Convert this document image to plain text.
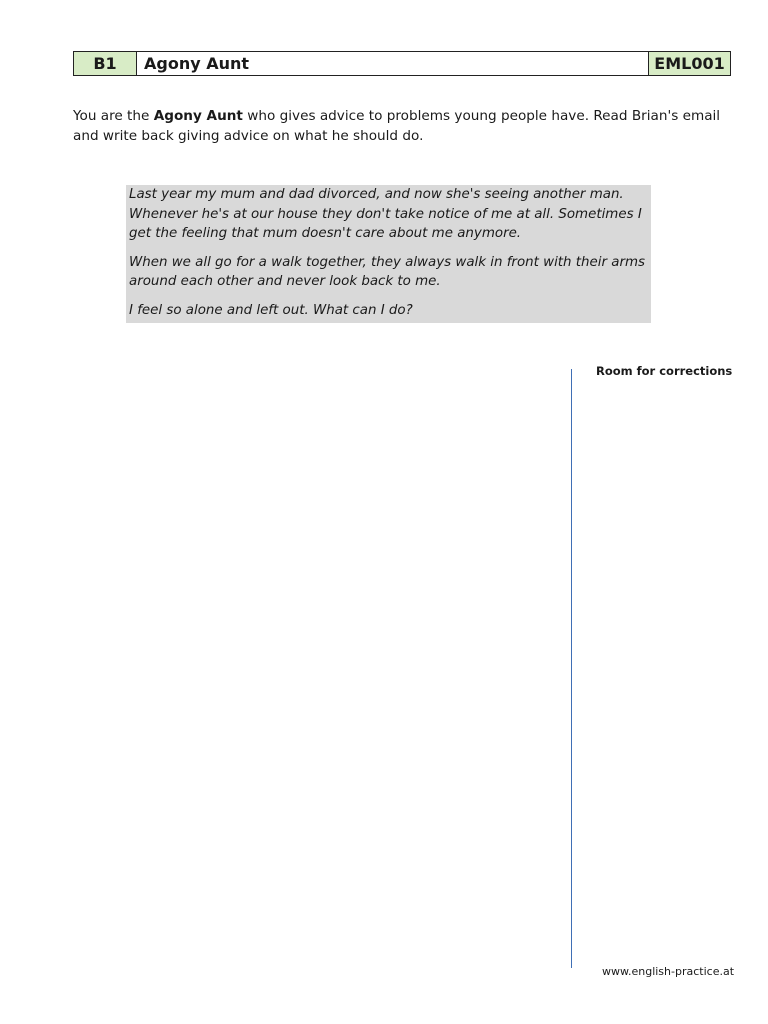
B1	Agony Aunt	EML001

You are the Agony Aunt who gives advice to problems young people have. Read Brian's email and write back giving advice on what he should do.

Last year my mum and dad divorced, and now she's seeing another man. Whenever he's at our house they don't take notice of me at all. Sometimes I get the feeling that mum doesn't care about me anymore.

When we all go for a walk together, they always walk in front with their arms around each other and never look back to me.

I feel so alone and left out. What can I do?

Room for corrections
www.english-practice.at
